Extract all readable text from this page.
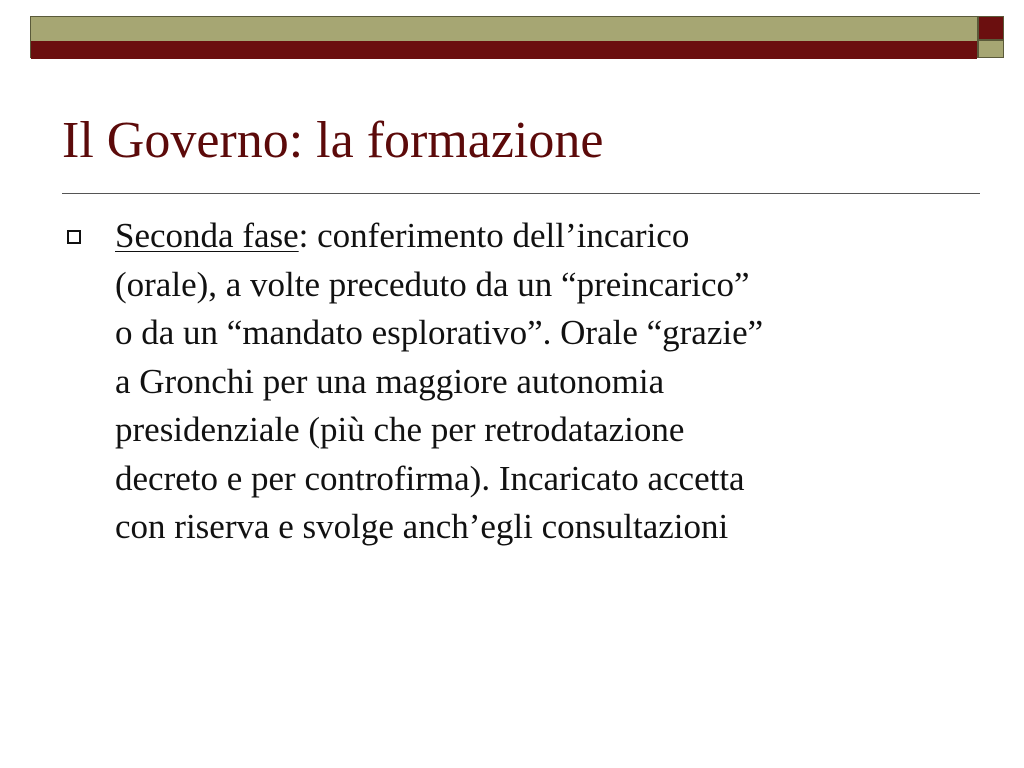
Il Governo: la formazione
Seconda fase: conferimento dell’incarico
(orale), a volte preceduto da un “preincarico”
o da un “mandato esplorativo”. Orale “grazie”
a Gronchi per una maggiore autonomia
presidenziale (più che per retrodatazione
decreto e per controfirma). Incaricato accetta
con riserva e svolge anch’egli consultazioni
